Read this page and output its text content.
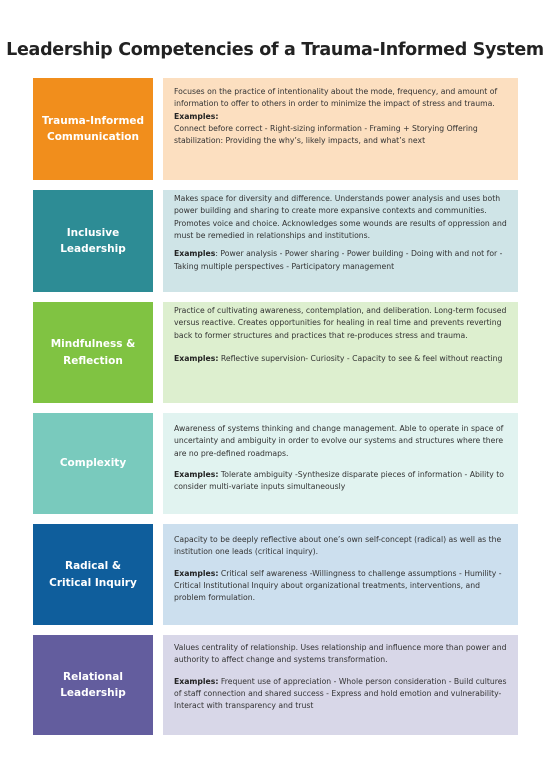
Leadership Competencies of a Trauma-Informed System
Trauma-Informed
Communication

Focuses on the practice of intentionality about the mode, frequency, and amount of information to offer to others in order to minimize the impact of stress and trauma.

Examples:

Connect before correct - Right-sizing information - Framing + Storying Offering stabilization: Providing the why’s, likely impacts, and what’s next

Inclusive
Leadership

Makes space for diversity and difference. Understands power analysis and uses both power building and sharing to create more expansive contexts and communities. Promotes voice and choice. Acknowledges some wounds are results of oppression and must be remedied in relationships and institutions.

Examples: Power analysis - Power sharing - Power building - Doing with and not for - Taking multiple perspectives - Participatory management

Mindfulness &
Reflection

Practice of cultivating awareness, contemplation, and deliberation. Long-term focused versus reactive. Creates opportunities for healing in real time and prevents reverting back to former structures and practices that re-produces stress and trauma.

Examples: Reflective supervision- Curiosity - Capacity to see & feel without reacting

Complexity

Awareness of systems thinking and change management. Able to operate in space of uncertainty and ambiguity in order to evolve our systems and structures where there are no pre-defined roadmaps.

Examples: Tolerate ambiguity -Synthesize disparate pieces of information - Ability to consider multi-variate inputs simultaneously

Radical &
Critical Inquiry

Capacity to be deeply reflective about one’s own self-concept (radical) as well as the institution one leads (critical inquiry).

Examples: Critical self awareness -Willingness to challenge assumptions - Humility -Critical Institutional Inquiry about organizational treatments, interventions, and problem formulation.

Relational
Leadership

Values centrality of relationship. Uses relationship and influence more than power and authority to affect change and systems transformation.

Examples: Frequent use of appreciation - Whole person consideration - Build cultures of staff connection and shared success - Express and hold emotion and vulnerability- Interact with transparency and trust
